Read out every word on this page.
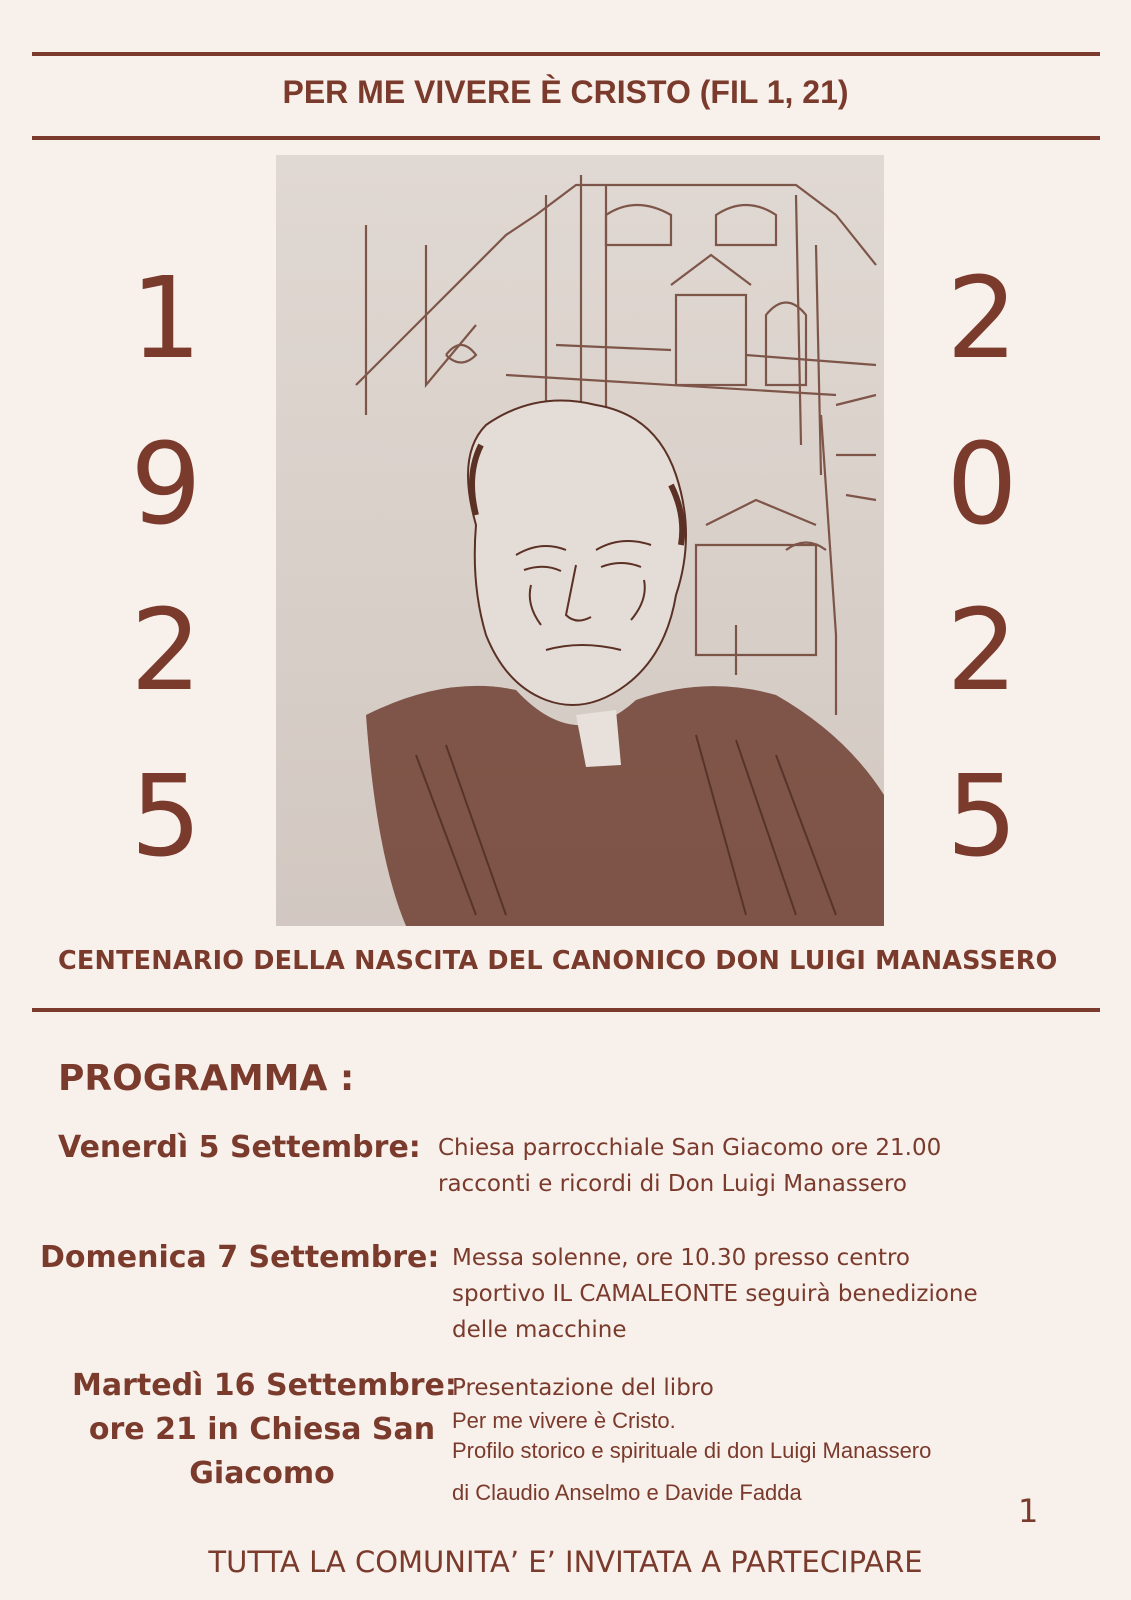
PER ME VIVERE È CRISTO (FIL 1, 21)
1
9
2
5
2
0
2
5
CENTENARIO DELLA NASCITA DEL CANONICO DON LUIGI MANASSERO
PROGRAMMA :
Venerdì 5 Settembre: Chiesa parrocchiale San Giacomo ore 21.00
racconti e ricordi di Don Luigi Manassero
Domenica 7 Settembre: Messa solenne, ore 10.30 presso centro
sportivo IL CAMALEONTE seguirà benedizione
delle macchine
Martedì 16 Settembre:
ore 21 in Chiesa San
Giacomo
Presentazione del libro
Per me vivere è Cristo.
Profilo storico e spirituale di don Luigi Manassero
di Claudio Anselmo e Davide Fadda	1
TUTTA LA COMUNITA’ E’ INVITATA A PARTECIPARE
